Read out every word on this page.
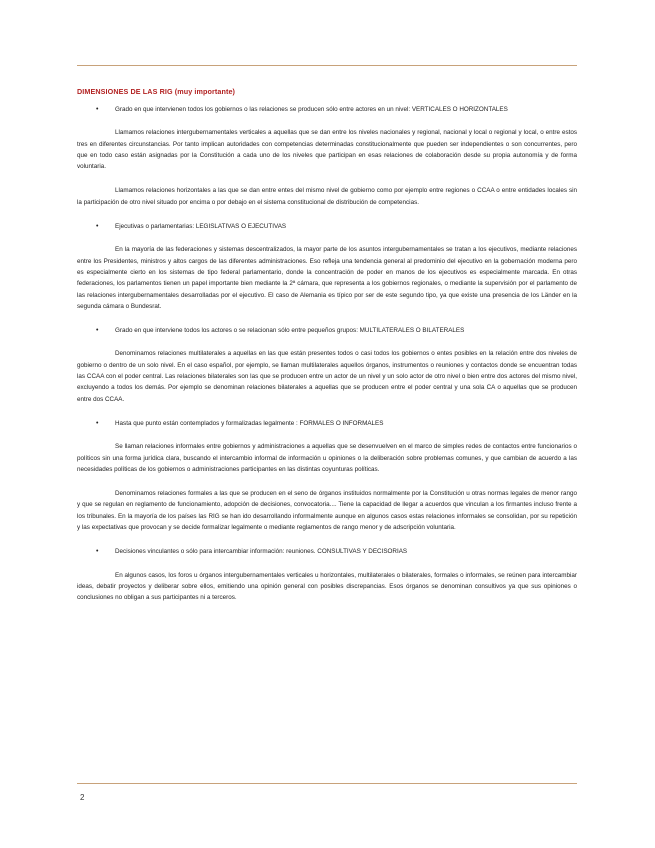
DIMENSIONES DE LAS RIG (muy importante)
•	Grado en que intervienen todos los gobiernos o las relaciones se producen sólo entre actores en un nivel: VERTICALES O HORIZONTALES

Llamamos relaciones intergubernamentales verticales a aquellas que se dan entre los niveles nacionales y regional, nacional y local o regional y local, o entre estos tres en diferentes circunstancias. Por tanto implican autoridades con competencias determinadas constitucionalmente que pueden ser independientes o son concurrentes, pero que en todo caso están asignadas por la Constitución a cada uno de los niveles que participan en esas relaciones de colaboración desde su propia autonomía y de forma voluntaria.

Llamamos relaciones horizontales a las que se dan entre entes del mismo nivel de gobierno como por ejemplo entre regiones o CCAA o entre entidades locales sin la participación de otro nivel situado por encima o por debajo en el sistema constitucional de distribución de competencias.

•	Ejecutivas o parlamentarias: LEGISLATIVAS O EJECUTIVAS

En la mayoría de las federaciones y sistemas descentralizados, la mayor parte de los asuntos intergubernamentales se tratan a los ejecutivos, mediante relaciones entre los Presidentes, ministros y altos cargos de las diferentes administraciones. Eso refleja una tendencia general al predominio del ejecutivo en la gobernación moderna pero es especialmente cierto en los sistemas de tipo federal parlamentario, donde la concentración de poder en manos de los ejecutivos es especialmente marcada. En otras federaciones, los parlamentos tienen un papel importante bien mediante la 2ª cámara, que representa a los gobiernos regionales, o mediante la supervisión por el parlamento de las relaciones intergubernamentales desarrolladas por el ejecutivo. El caso de Alemania es típico por ser de este segundo tipo, ya que existe una presencia de los Länder en la segunda cámara o Bundesrat.

•	Grado en que interviene todos los actores o se relacionan sólo entre pequeños grupos: MULTILATERALES O BILATERALES

Denominamos relaciones multilaterales a aquellas en las que están presentes todos o casi todos los gobiernos o entes posibles en la relación entre dos niveles de gobierno o dentro de un solo nivel. En el caso español, por ejemplo, se llaman multilaterales aquellos órganos, instrumentos o reuniones y contactos donde se encuentran todas las CCAA con el poder central. Las relaciones bilaterales son las que se producen entre un actor de un nivel y un solo actor de otro nivel o bien entre dos actores del mismo nivel, excluyendo a todos los demás. Por ejemplo se denominan relaciones bilaterales a aquellas que se producen entre el poder central y una sola CA o aquellas que se producen entre dos CCAA.

•	Hasta que punto están contemplados y formalizadas legalmente : FORMALES O INFORMALES

Se llaman relaciones informales entre gobiernos y administraciones a aquellas que se desenvuelven en el marco de simples redes de contactos entre funcionarios o políticos sin una forma jurídica clara, buscando el intercambio informal de información u opiniones o la deliberación sobre problemas comunes, y que cambian de acuerdo a las necesidades políticas de los gobiernos o administraciones participantes en las distintas coyunturas políticas.

Denominamos relaciones formales a las que se producen en el seno de órganos instituidos normalmente por la Constitución u otras normas legales de menor rango y que se regulan en reglamento de funcionamiento, adopción de decisiones, convocatoria.... Tiene la capacidad de llegar a acuerdos que vinculan a los firmantes incluso frente a los tribunales. En la mayoría de los países las RIG se han ido desarrollando informalmente aunque en algunos casos estas relaciones informales se consolidan, por su repetición y las expectativas que provocan y se decide formalizar legalmente o mediante reglamentos de rango menor y de adscripción voluntaria.

•	Decisiones vinculantes o sólo para intercambiar información: reuniones. CONSULTIVAS Y DECISORIAS

En algunos casos, los foros u órganos intergubernamentales verticales u horizontales, multilaterales o bilaterales, formales o informales, se reúnen para intercambiar ideas, debatir proyectos y deliberar sobre ellos, emitiendo una opinión general con posibles discrepancias. Esos órganos se denominan consultivos ya que sus opiniones o conclusiones no obligan a sus participantes ni a terceros.

2
